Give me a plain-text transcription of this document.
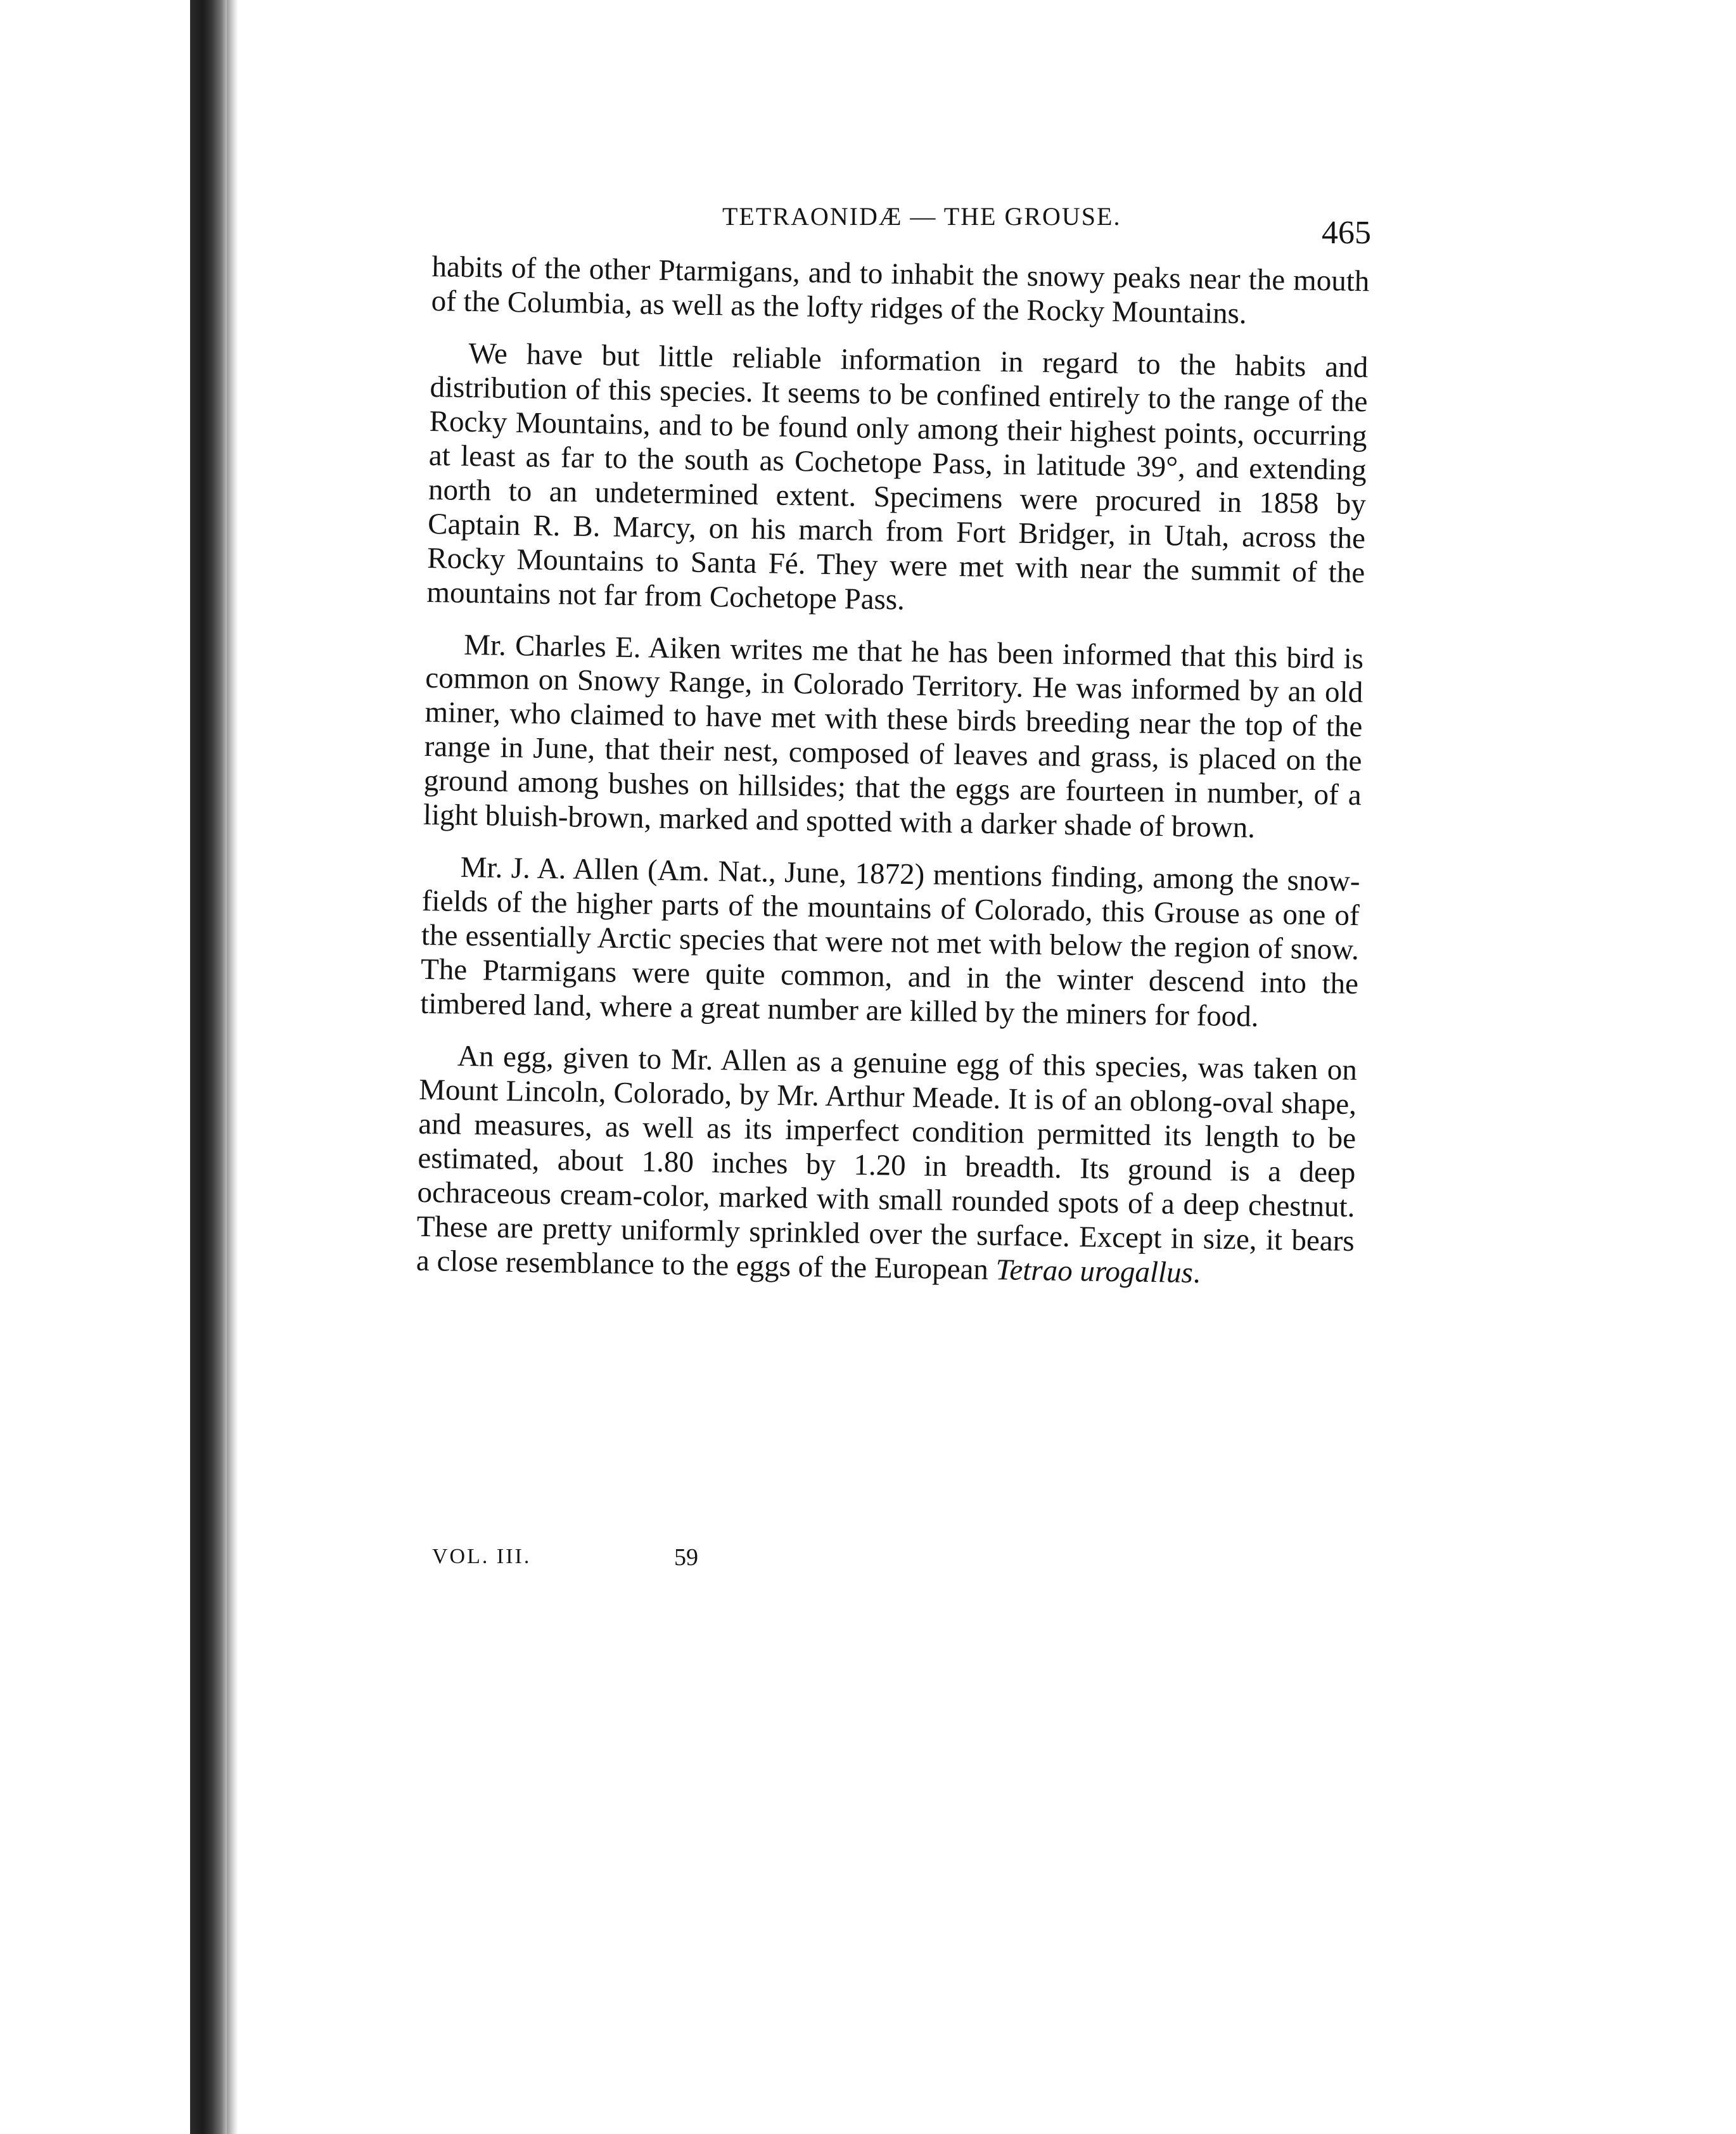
TETRAONIDÆ — THE GROUSE.	465

habits of the other Ptarmigans, and to inhabit the snowy peaks near the mouth of the Columbia, as well as the lofty ridges of the Rocky Mountains.

We have but little reliable information in regard to the habits and distribution of this species. It seems to be confined entirely to the range of the Rocky Mountains, and to be found only among their highest points, occurring at least as far to the south as Cochetope Pass, in latitude 39°, and extending north to an undetermined extent. Specimens were procured in 1858 by Captain R. B. Marcy, on his march from Fort Bridger, in Utah, across the Rocky Mountains to Santa Fé. They were met with near the summit of the mountains not far from Cochetope Pass.

Mr. Charles E. Aiken writes me that he has been informed that this bird is common on Snowy Range, in Colorado Territory. He was informed by an old miner, who claimed to have met with these birds breeding near the top of the range in June, that their nest, composed of leaves and grass, is placed on the ground among bushes on hillsides; that the eggs are fourteen in number, of a light bluish-brown, marked and spotted with a darker shade of brown.

Mr. J. A. Allen (Am. Nat., June, 1872) mentions finding, among the snow-fields of the higher parts of the mountains of Colorado, this Grouse as one of the essentially Arctic species that were not met with below the region of snow. The Ptarmigans were quite common, and in the winter descend into the timbered land, where a great number are killed by the miners for food.

An egg, given to Mr. Allen as a genuine egg of this species, was taken on Mount Lincoln, Colorado, by Mr. Arthur Meade. It is of an oblong-oval shape, and measures, as well as its imperfect condition permitted its length to be estimated, about 1.80 inches by 1.20 in breadth. Its ground is a deep ochraceous cream-color, marked with small rounded spots of a deep chestnut. These are pretty uniformly sprinkled over the surface. Except in size, it bears a close resemblance to the eggs of the European Tetrao urogallus.

VOL. III.	59
